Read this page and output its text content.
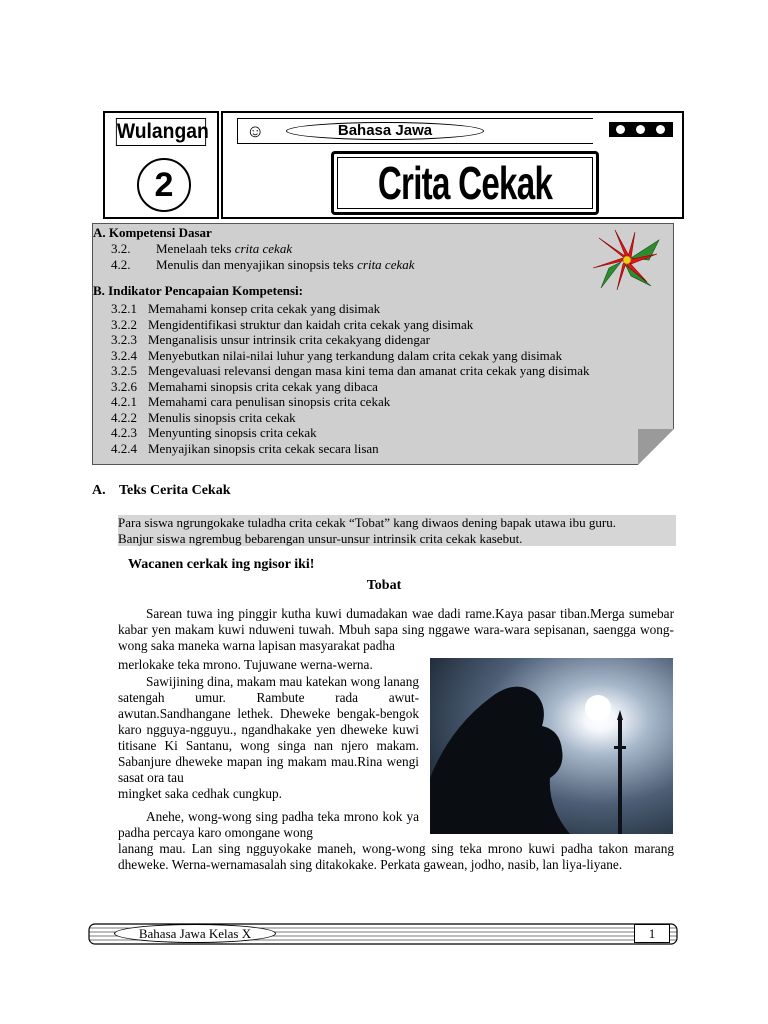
Wulangan
2
☺	Bahasa Jawa
Crita Cekak
A. Kompetensi Dasar
3.2. Menelaah teks crita cekak
4.2. Menulis dan menyajikan sinopsis teks crita cekak
B. Indikator Pencapaian Kompetensi:
3.2.1 Memahami konsep crita cekak yang disimak
3.2.2 Mengidentifikasi struktur dan kaidah crita cekak yang disimak
3.2.3 Menganalisis unsur intrinsik crita cekakyang didengar
3.2.4 Menyebutkan nilai-nilai luhur yang terkandung dalam crita cekak yang disimak
3.2.5 Mengevaluasi relevansi dengan masa kini tema dan amanat crita cekak yang disimak
3.2.6 Memahami sinopsis crita cekak yang dibaca
4.2.1 Memahami cara penulisan sinopsis crita cekak
4.2.2 Menulis sinopsis crita cekak
4.2.3 Menyunting sinopsis crita cekak
4.2.4 Menyajikan sinopsis crita cekak secara lisan
A. Teks Cerita Cekak
Para siswa ngrungokake tuladha crita cekak “Tobat” kang diwaos dening bapak utawa ibu guru.
Banjur siswa ngrembug bebarengan unsur-unsur intrinsik crita cekak kasebut.
Wacanen cerkak ing ngisor iki!
Tobat
Sarean tuwa ing pinggir kutha kuwi dumadakan wae dadi rame.Kaya pasar tiban.Merga sumebar kabar yen makam kuwi nduweni tuwah. Mbuh sapa sing nggawe wara-wara sepisanan, saengga wong-wong saka maneka warna lapisan masyarakat padha
merlokake teka mrono. Tujuwane werna-werna.
Sawijining dina, makam mau katekan wong lanang satengah umur. Rambute rada awut-awutan.Sandhangane lethek. Dheweke bengak-bengok karo ngguya-ngguyu., ngandhakake yen dheweke kuwi titisane Ki Santanu, wong singa nan njero makam. Sabanjure dheweke mapan ing makam mau.Rina wengi sasat ora tau
mingket saka cedhak cungkup.
Anehe, wong-wong sing padha teka mrono kok ya padha percaya karo omongane wong
lanang mau. Lan sing ngguyokake maneh, wong-wong sing teka mrono kuwi padha takon marang dheweke. Werna-wernamasalah sing ditakokake. Perkata gawean, jodho, nasib, lan liya-liyane.
Bahasa Jawa Kelas X	1
